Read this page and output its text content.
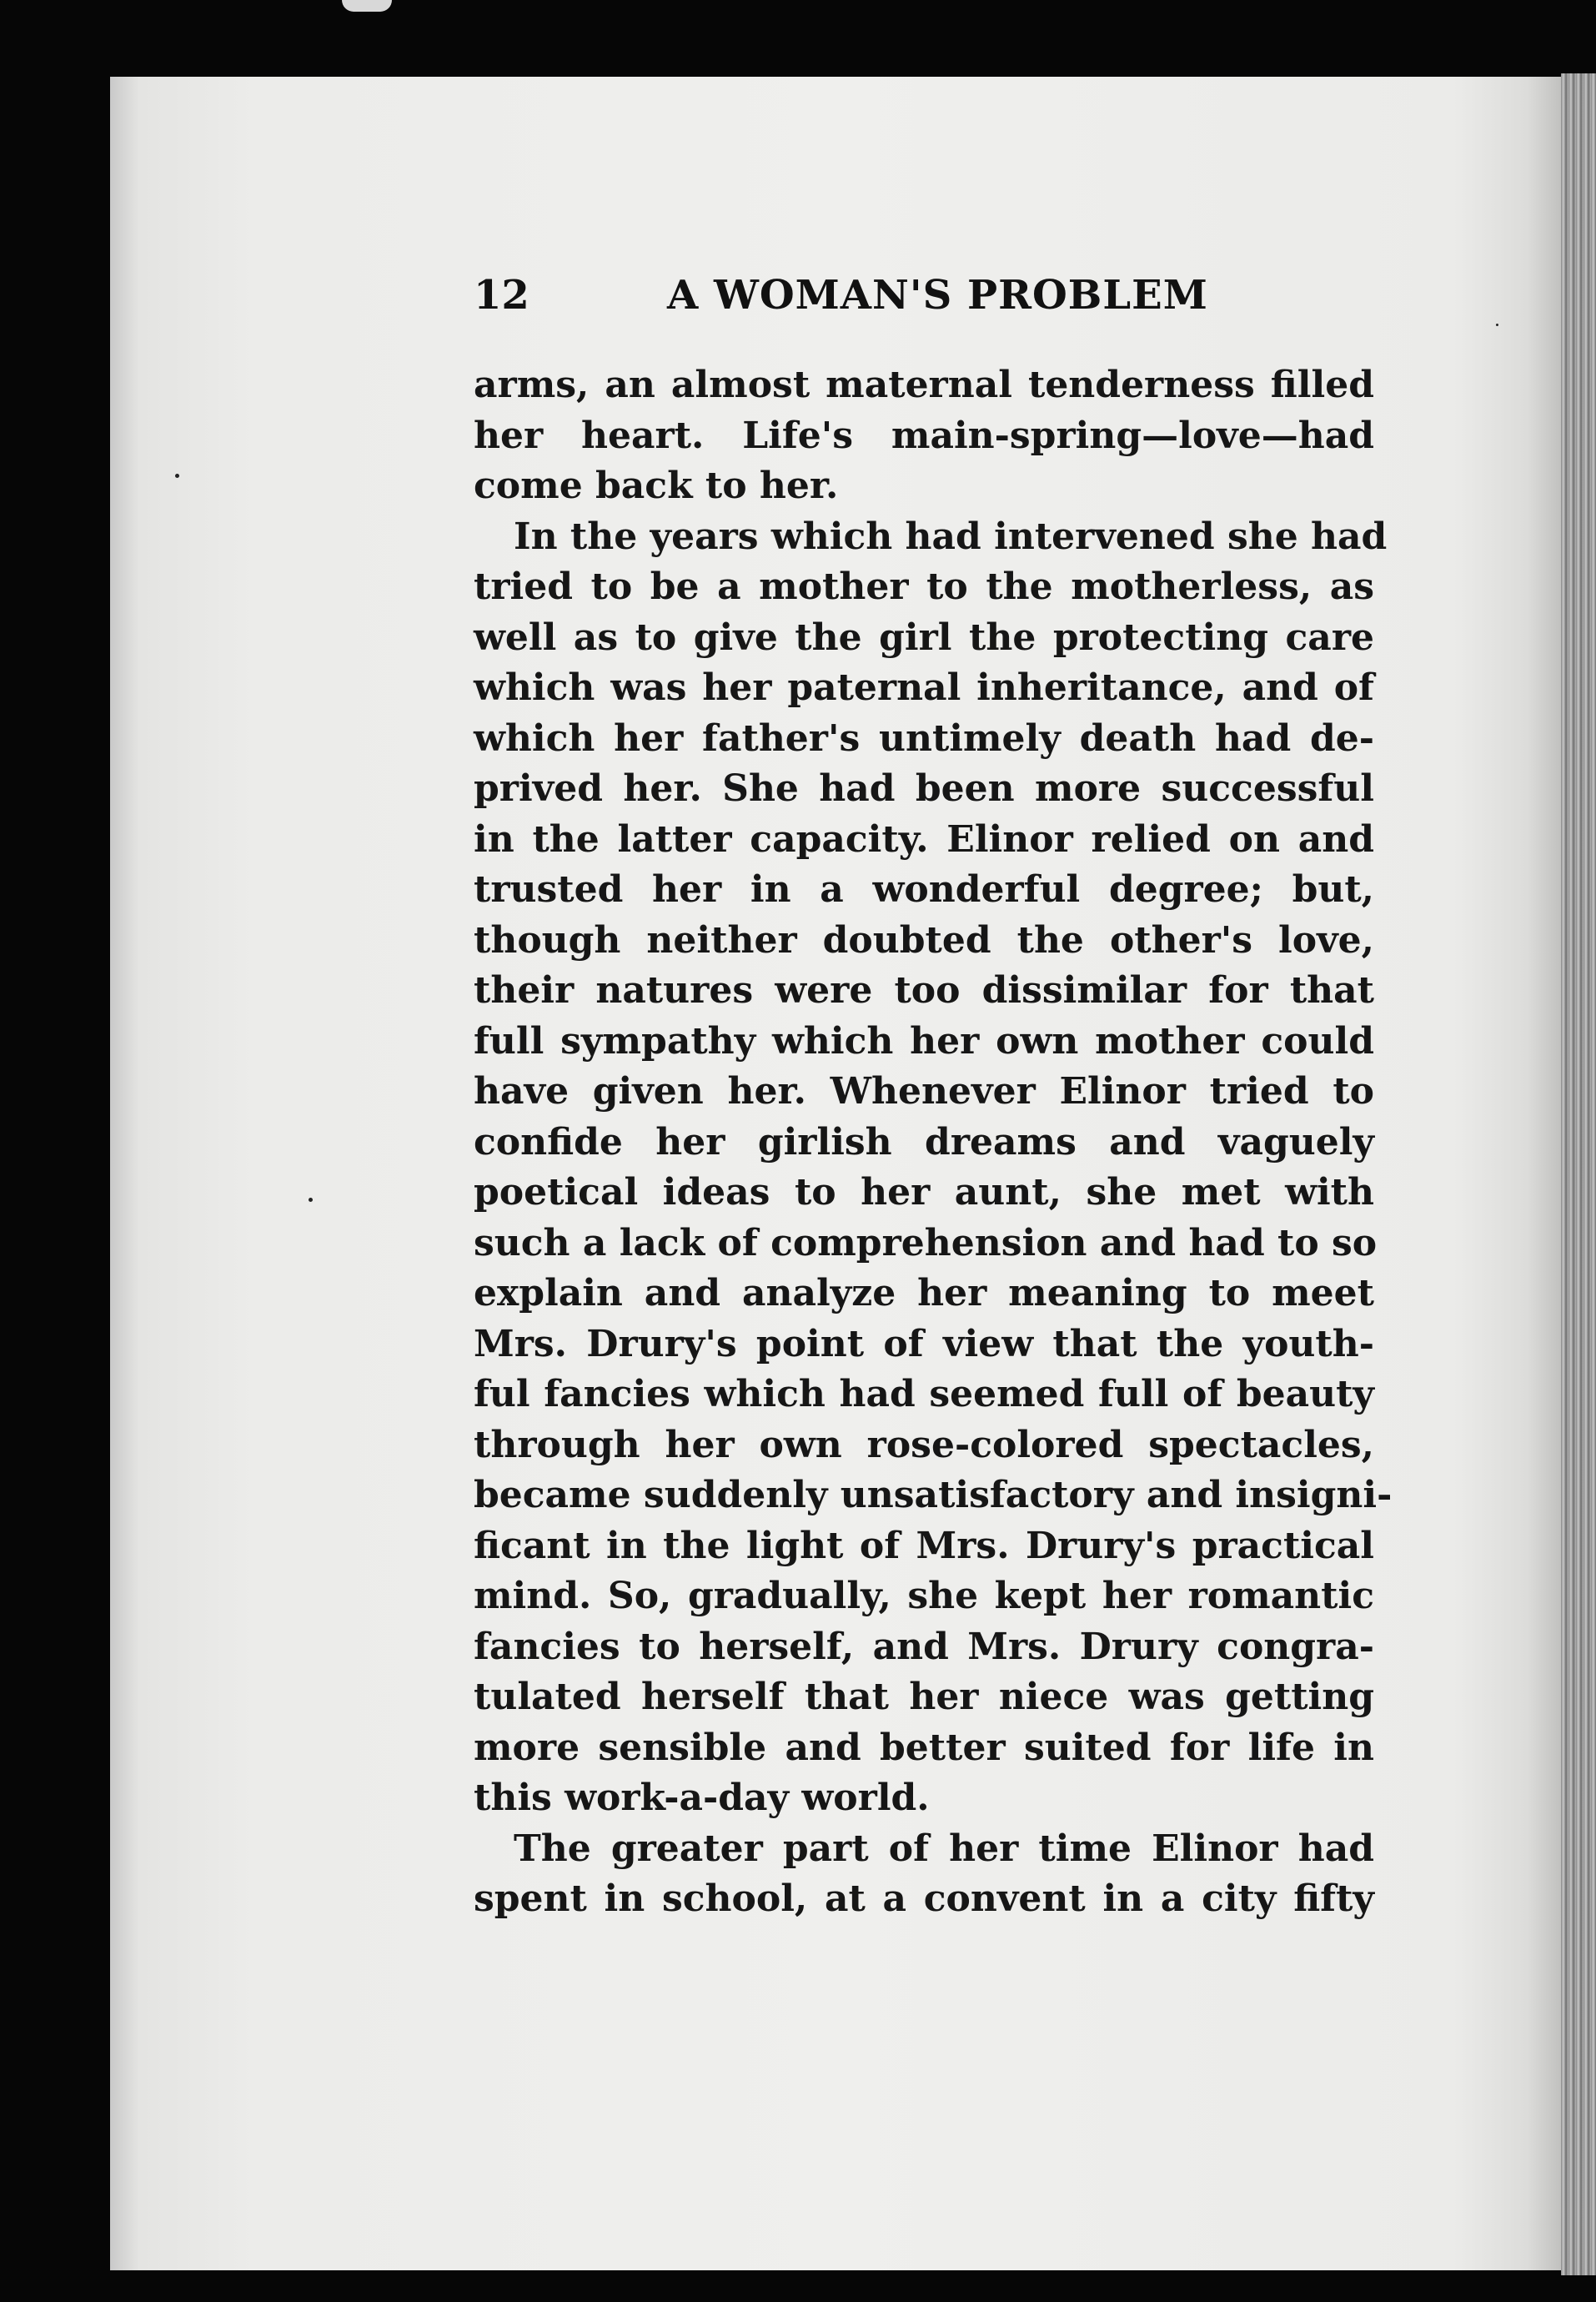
12	A WOMAN'S PROBLEM
arms, an almost maternal tenderness filled
her heart. Life's main-spring—love—had
come back to her.
In the years which had intervened she had
tried to be a mother to the motherless, as
well as to give the girl the protecting care
which was her paternal inheritance, and of
which her father's untimely death had de-
prived her. She had been more successful
in the latter capacity. Elinor relied on and
trusted her in a wonderful degree; but,
though neither doubted the other's love,
their natures were too dissimilar for that
full sympathy which her own mother could
have given her. Whenever Elinor tried to
confide her girlish dreams and vaguely
poetical ideas to her aunt, she met with
such a lack of comprehension and had to so
explain and analyze her meaning to meet
Mrs. Drury's point of view that the youth-
ful fancies which had seemed full of beauty
through her own rose-colored spectacles,
became suddenly unsatisfactory and insigni-
ficant in the light of Mrs. Drury's practical
mind. So, gradually, she kept her romantic
fancies to herself, and Mrs. Drury congra-
tulated herself that her niece was getting
more sensible and better suited for life in
this work-a-day world.
The greater part of her time Elinor had
spent in school, at a convent in a city fifty
